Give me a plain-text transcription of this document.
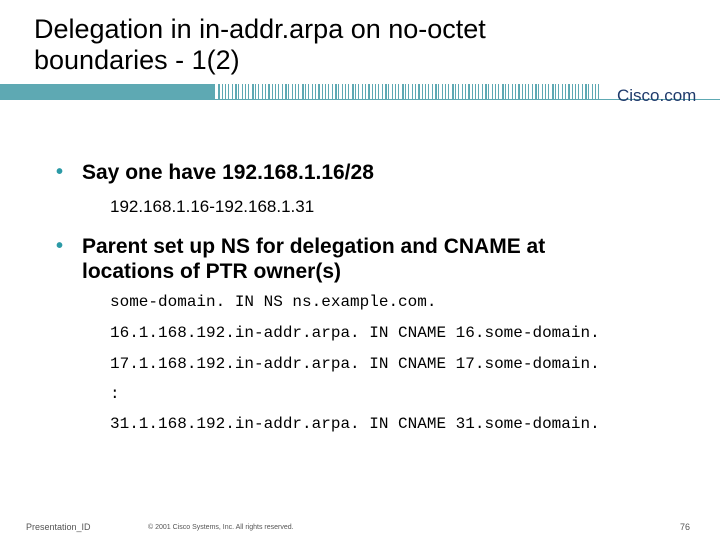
Delegation in in-addr.arpa on no-octet
boundaries - 1(2)
Cisco.com
• Say one have 192.168.1.16/28
192.168.1.16-192.168.1.31
• Parent set up NS for delegation and CNAME at
locations of PTR owner(s)
some-domain. IN NS ns.example.com.
16.1.168.192.in-addr.arpa. IN CNAME 16.some-domain.
17.1.168.192.in-addr.arpa. IN CNAME 17.some-domain.
:
31.1.168.192.in-addr.arpa. IN CNAME 31.some-domain.
Presentation_ID	© 2001 Cisco Systems, Inc. All rights reserved.	76
